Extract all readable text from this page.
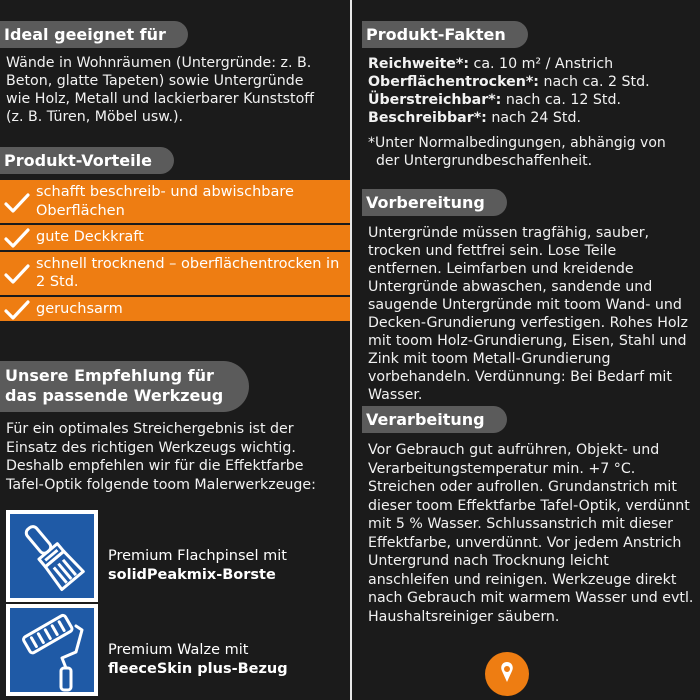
Ideal geeignet für

Wände in Wohnräumen (Untergründe: z. B. Beton, glatte Tapeten) sowie Untergründe wie Holz, Metall und lackierbarer Kunststoff (z. B. Türen, Möbel usw.).

Produkt-Vorteile
schafft beschreib- und abwischbare Oberflächen
gute Deckkraft
schnell trocknend – oberflächentrocken in 2 Std.
geruchsarm
Unsere Empfehlung für
das passende Werkzeug

Für ein optimales Streichergebnis ist der Einsatz des richtigen Werkzeugs wichtig. Deshalb empfehlen wir für die Effektfarbe Tafel-Optik folgende toom Malerwerkzeuge:

Premium Flachpinsel mit
solidPeakmix-Borste
Premium Walze mit
fleeceSkin plus-Bezug
Produkt-Fakten
Reichweite*: ca. 10 m² / Anstrich
Oberflächentrocken*: nach ca. 2 Std.
Überstreichbar*: nach ca. 12 Std.
Beschreibbar*: nach 24 Std.
*Unter Normalbedingungen, abhängig von
der Untergrundbeschaffenheit.
Vorbereitung

Untergründe müssen tragfähig, sauber, trocken und fettfrei sein. Lose Teile entfernen. Leimfarben und kreidende Untergründe abwaschen, sandende und saugende Untergründe mit toom Wand- und Decken-Grundierung verfestigen. Rohes Holz mit toom Holz-Grundierung, Eisen, Stahl und Zink mit toom Metall-Grundierung vorbehandeln. Verdünnung: Bei Bedarf mit Wasser.

Verarbeitung

Vor Gebrauch gut aufrühren, Objekt- und Verarbeitungstemperatur min. +7 °C. Streichen oder aufrollen. Grundanstrich mit dieser toom Effektfarbe Tafel-Optik, verdünnt mit 5 % Wasser. Schlussanstrich mit dieser Effektfarbe, unverdünnt. Vor jedem Anstrich Untergrund nach Trocknung leicht anschleifen und reinigen. Werkzeuge direkt nach Gebrauch mit warmem Wasser und evtl. Haushaltsreiniger säubern.
